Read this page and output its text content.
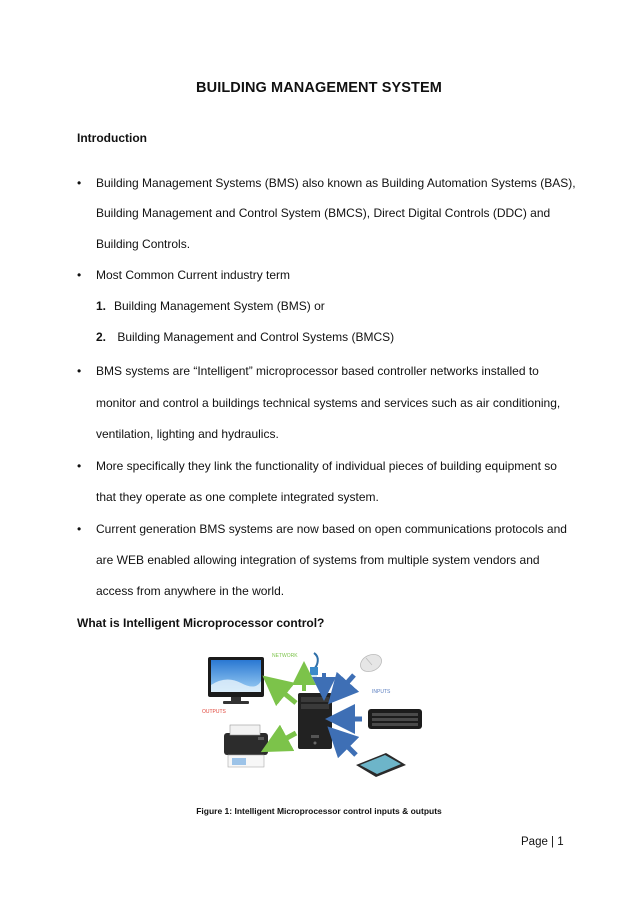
BUILDING MANAGEMENT SYSTEM
Introduction
• Building Management Systems (BMS) also known as Building Automation Systems (BAS),
Building Management and Control System (BMCS), Direct Digital Controls (DDC) and
Building Controls.
• Most Common Current industry term
1. Building Management System (BMS) or
2. Building Management and Control Systems (BMCS)
• BMS systems are “Intelligent” microprocessor based controller networks installed to
monitor and control a buildings technical systems and services such as air conditioning,
ventilation, lighting and hydraulics.
• More specifically they link the functionality of individual pieces of building equipment so
that they operate as one complete integrated system.
• Current generation BMS systems are now based on open communications protocols and
are WEB enabled allowing integration of systems from multiple system vendors and
access from anywhere in the world.
What is Intelligent Microprocessor control?
NETWORK
INPUTS
OUTPUTS
Figure 1: Intelligent Microprocessor control inputs & outputs
Page | 1
